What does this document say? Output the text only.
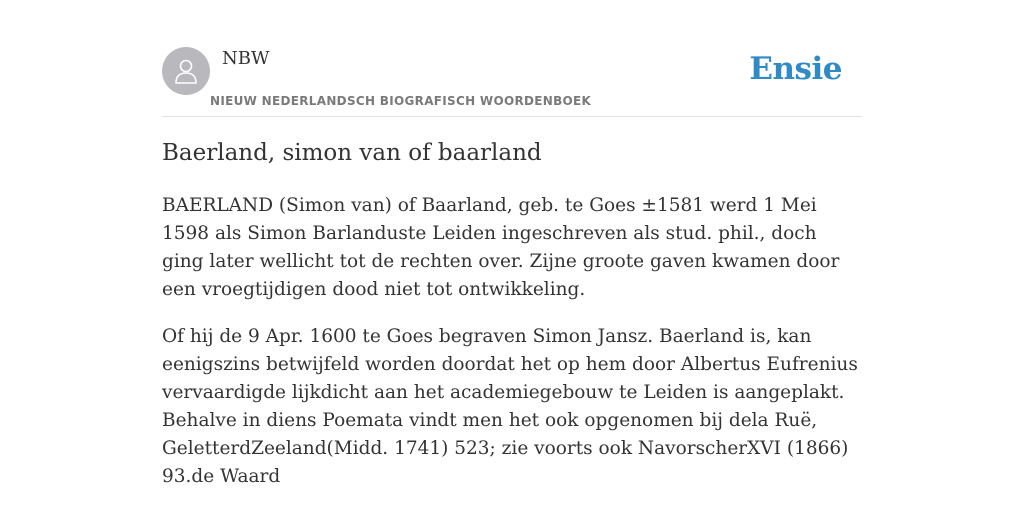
NBW
NIEUW NEDERLANDSCH BIOGRAFISCH WOORDENBOEK
Ensie
Baerland, simon van of baarland

BAERLAND (Simon van) of Baarland, geb. te Goes ±1581 werd 1 Mei 1598 als Simon Barlanduste Leiden ingeschreven als stud. phil., doch ging later wellicht tot de rechten over. Zijne groote gaven kwamen door een vroegtijdigen dood niet tot ontwikkeling.

Of hij de 9 Apr. 1600 te Goes begraven Simon Jansz. Baerland is, kan eenigszins betwijfeld worden doordat het op hem door Albertus Eufrenius vervaardigde lijkdicht aan het academiegebouw te Leiden is aangeplakt. Behalve in diens Poemata vindt men het ook opgenomen bij dela Ruë, GeletterdZeeland(Midd. 1741) 523; zie voorts ook NavorscherXVI (1866) 93.de Waard
